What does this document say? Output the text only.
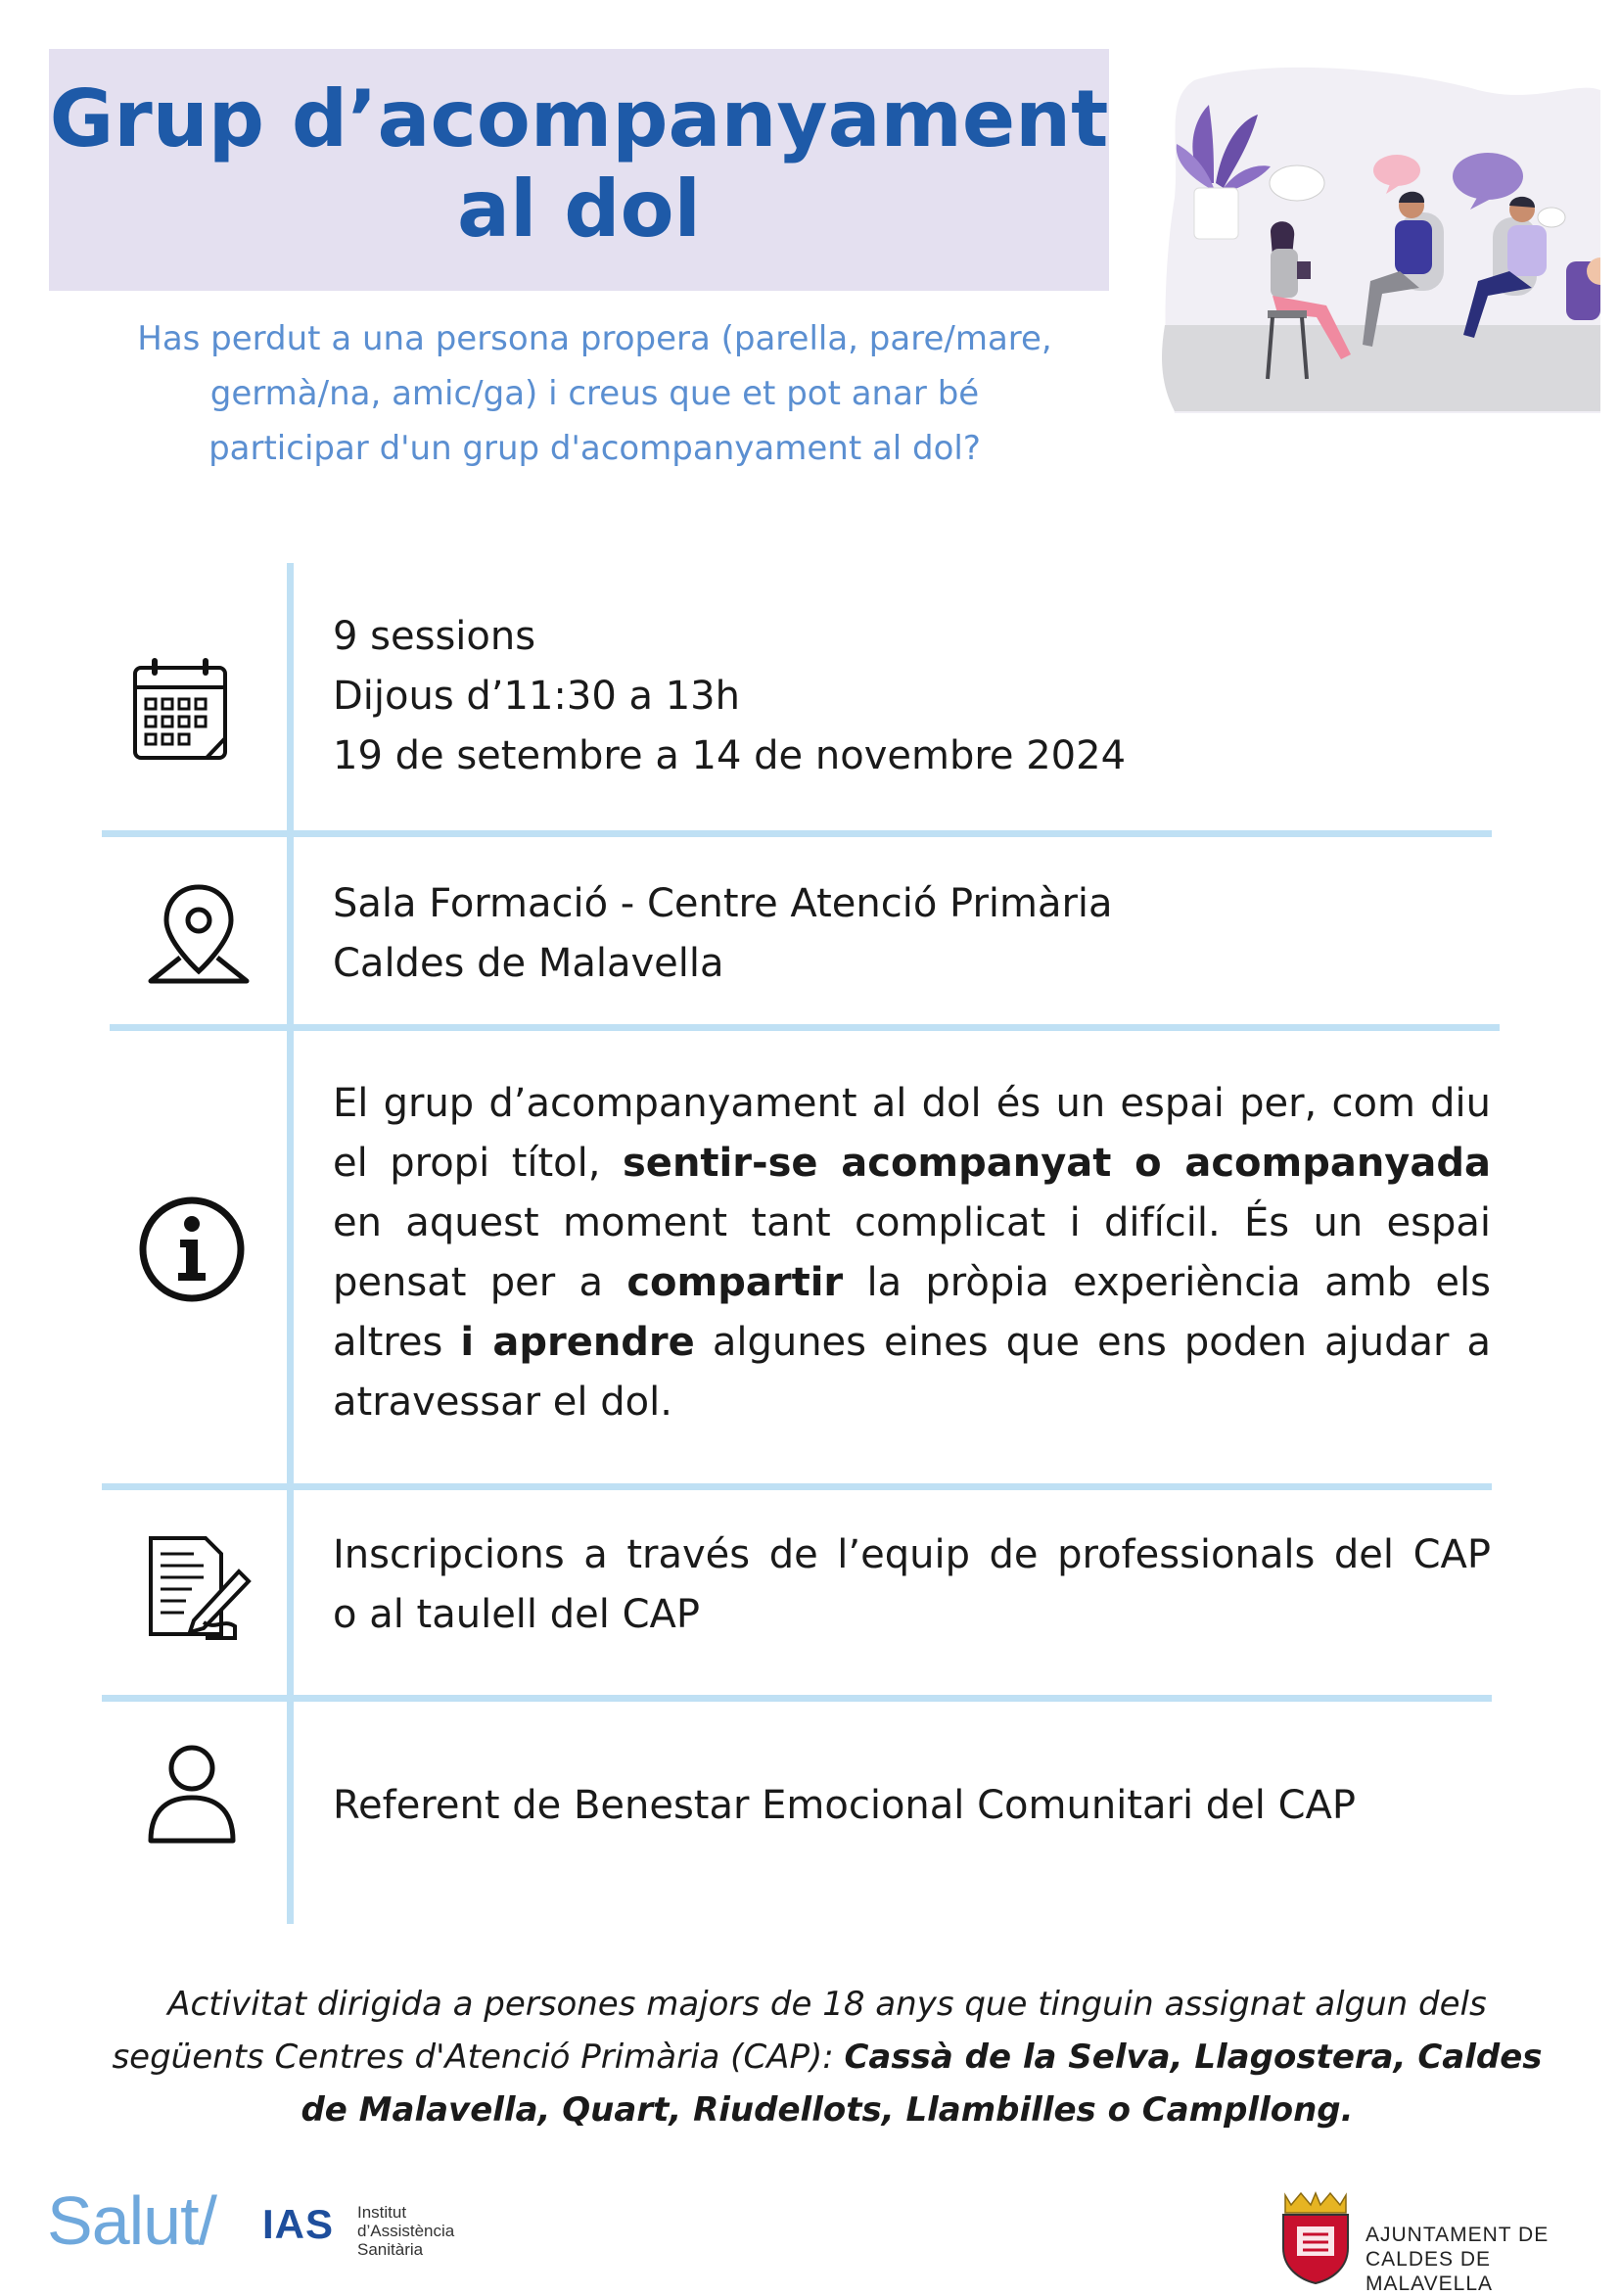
Grup d’acompanyament
al dol

Has perdut a una persona propera (parella, pare/mare,
germà/na, amic/ga) i creus que et pot anar bé
participar d'un grup d'acompanyament al dol?

9 sessions
Dijous d’11:30 a 13h
19 de setembre a 14 de novembre 2024
Sala Formació - Centre Atenció Primària
Caldes de Malavella
El grup d’acompanyament al dol és un espai per, com diu el propi títol, sentir-se acompanyat o acompanyada en aquest moment tant complicat i difícil. És un espai pensat per a compartir la pròpia experiència amb els altres i aprendre algunes eines que ens poden ajudar a atravessar el dol.
Inscripcions a través de l’equip de professionals del CAP
o al taulell del CAP
Referent de Benestar Emocional Comunitari del CAP

Activitat dirigida a persones majors de 18 anys que tinguin assignat algun dels següents Centres d'Atenció Primària (CAP): Cassà de la Selva, Llagostera, Caldes de Malavella, Quart, Riudellots, Llambilles o Campllong.

Salut/ IAS Institut
d’Assistència
Sanitària
AJUNTAMENT DE
CALDES DE MALAVELLA
